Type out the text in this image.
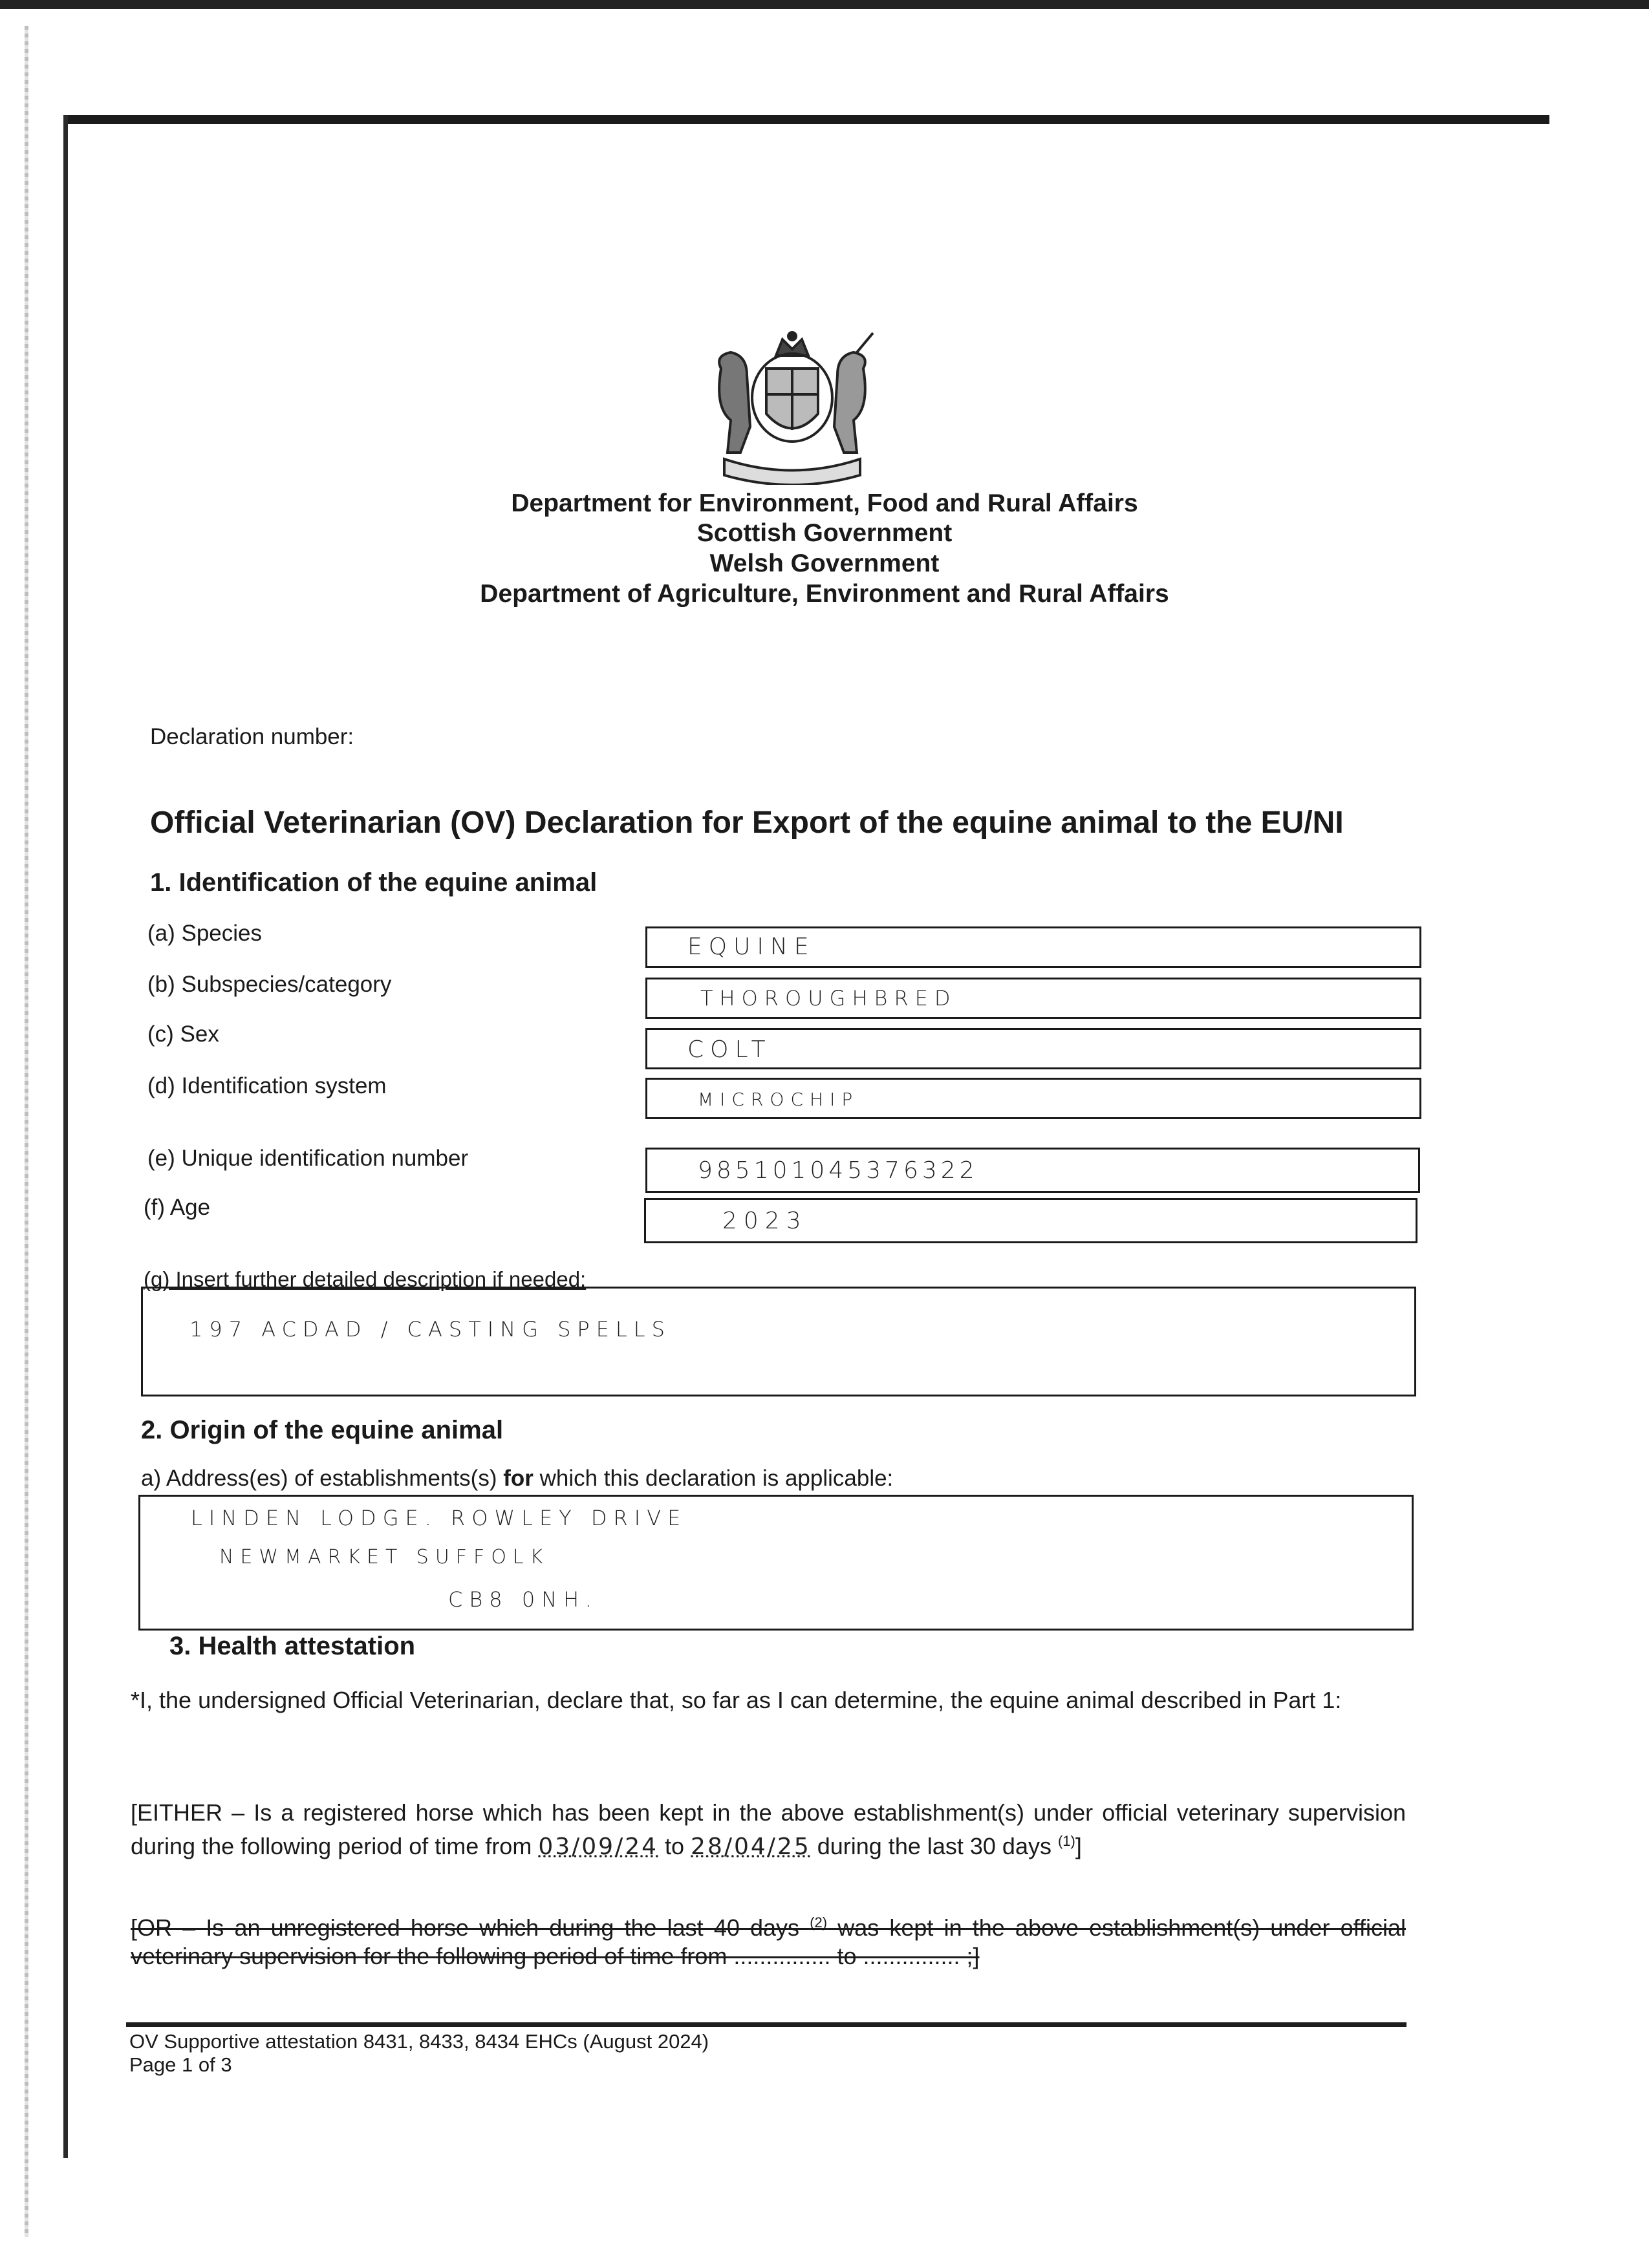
Department for Environment, Food and Rural Affairs
Scottish Government
Welsh Government
Department of Agriculture, Environment and Rural Affairs
Declaration number:
Official Veterinarian (OV) Declaration for Export of the equine animal to the EU/NI
1. Identification of the equine animal
(a) Species
EQUINE
(b) Subspecies/category
THOROUGHBRED
(c) Sex
COLT
(d) Identification system
MICROCHIP
(e) Unique identification number	985101045376322
(f) Age
2023
(g) Insert further detailed description if needed:
197 ACDAD / CASTING SPELLS
2. Origin of the equine animal
a) Address(es) of establishments(s) for which this declaration is applicable:
LINDEN LODGE. ROWLEY DRIVE
NEWMARKET SUFFOLK
CB8 0NH.
3. Health attestation
*I, the undersigned Official Veterinarian, declare that, so far as I can determine, the equine animal described in Part 1:
[EITHER – Is a registered horse which has been kept in the above establishment(s) under official veterinary supervision during the following period of time from 03/09/24 to 28/04/25 during the last 30 days $^{(1)}$]
[OR – Is an unregistered horse which during the last 40 days $^{(2)}$ was kept in the above establishment(s) under official veterinary supervision for the following period of time from ............... to ............... ;]
OV Supportive attestation 8431, 8433, 8434 EHCs (August 2024)
Page 1 of 3
